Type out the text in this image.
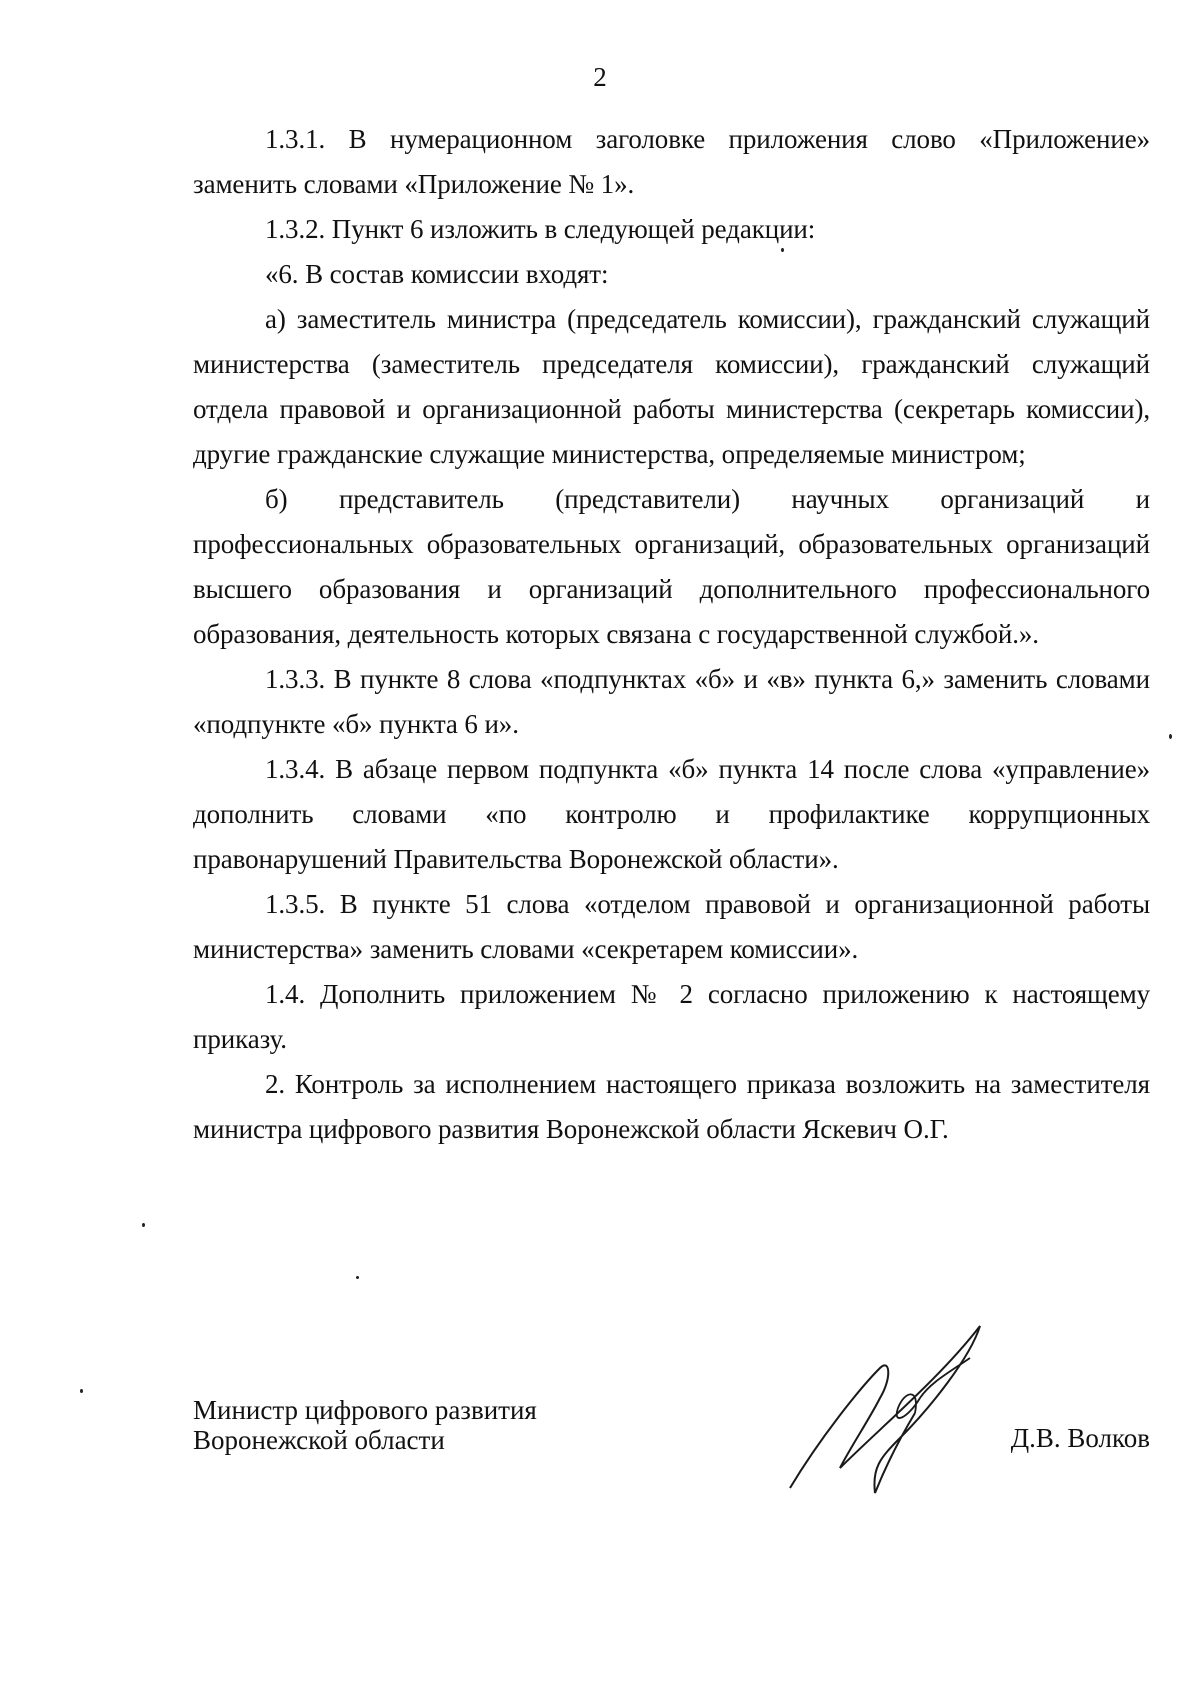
2

1.3.1. В нумерационном заголовке приложения слово «Приложение» заменить словами «Приложение № 1».

1.3.2. Пункт 6 изложить в следующей редакции:

«6. В состав комиссии входят:

а) заместитель министра (председатель комиссии), гражданский служащий министерства (заместитель председателя комиссии), гражданский служащий отдела правовой и организационной работы министерства (секретарь комиссии), другие гражданские служащие министерства, определяемые министром;

б) представитель (представители) научных организаций и профессиональных образовательных организаций, образовательных организаций высшего образования и организаций дополнительного профессионального образования, деятельность которых связана с государственной службой.».

1.3.3. В пункте 8 слова «подпунктах «б» и «в» пункта 6,» заменить словами «подпункте «б» пункта 6 и».

1.3.4. В абзаце первом подпункта «б» пункта 14 после слова «управление» дополнить словами «по контролю и профилактике коррупционных правонарушений Правительства Воронежской области».

1.3.5. В пункте 51 слова «отделом правовой и организационной работы министерства» заменить словами «секретарем комиссии».

1.4. Дополнить приложением № 2 согласно приложению к настоящему приказу.

2. Контроль за исполнением настоящего приказа возложить на заместителя министра цифрового развития Воронежской области Яскевич О.Г.

Министр цифрового развития
Воронежской области	Д.В. Волков
